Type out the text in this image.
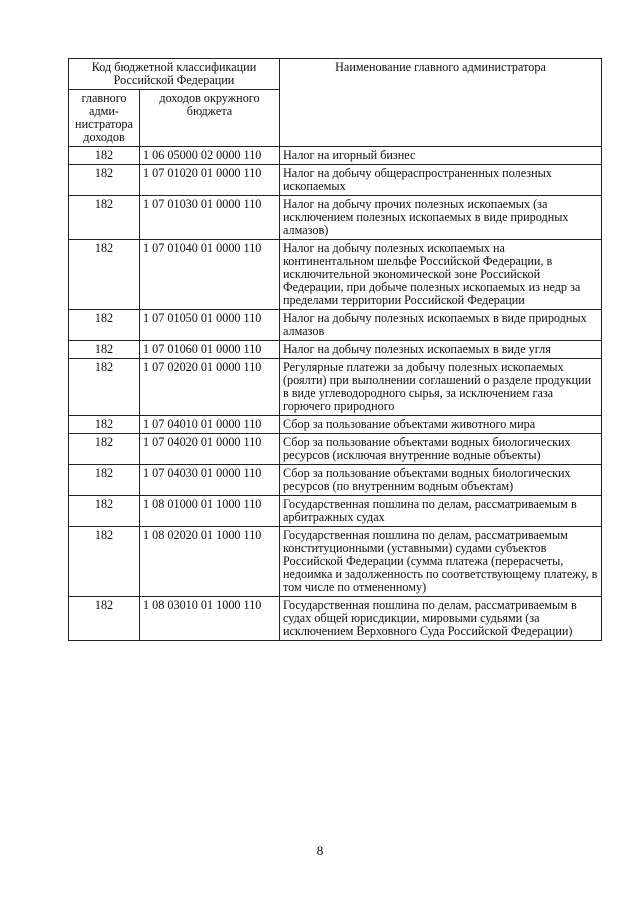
Код бюджетной классификации Российской Федерации		Наименование главного администратора
главного адми-нистратора доходов	доходов окружного бюджета	
182	1 06 05000 02 0000 110	Налог на игорный бизнес
182	1 07 01020 01 0000 110	Налог на добычу общераспространенных полезных ископаемых
182	1 07 01030 01 0000 110	Налог на добычу прочих полезных ископаемых (за исключением полезных ископаемых в виде природных алмазов)
182	1 07 01040 01 0000 110	Налог на добычу полезных ископаемых на континентальном шельфе Российской Федерации, в исключительной экономической зоне Российской Федерации, при добыче полезных ископаемых из недр за пределами территории Российской Федерации
182	1 07 01050 01 0000 110	Налог на добычу полезных ископаемых в виде природных алмазов
182	1 07 01060 01 0000 110	Налог на добычу полезных ископаемых в виде угля
182	1 07 02020 01 0000 110	Регулярные платежи за добычу полезных ископаемых (роялти) при выполнении соглашений о разделе продукции в виде углеводородного сырья, за исключением газа горючего природного
182	1 07 04010 01 0000 110	Сбор за пользование объектами животного мира
182	1 07 04020 01 0000 110	Сбор за пользование объектами водных биологических ресурсов (исключая внутренние водные объекты)
182	1 07 04030 01 0000 110	Сбор за пользование объектами водных биологических ресурсов (по внутренним водным объектам)
182	1 08 01000 01 1000 110	Государственная пошлина по делам, рассматриваемым в арбитражных судах
182	1 08 02020 01 1000 110	Государственная пошлина по делам, рассматриваемым конституционными (уставными) судами субъектов Российской Федерации (сумма платежа (перерасчеты, недоимка и задолженность по соответствующему платежу, в том числе по отмененному)
182	1 08 03010 01 1000 110	Государственная пошлина по делам, рассматриваемым в судах общей юрисдикции, мировыми судьями (за исключением Верховного Суда Российской Федерации)
8
